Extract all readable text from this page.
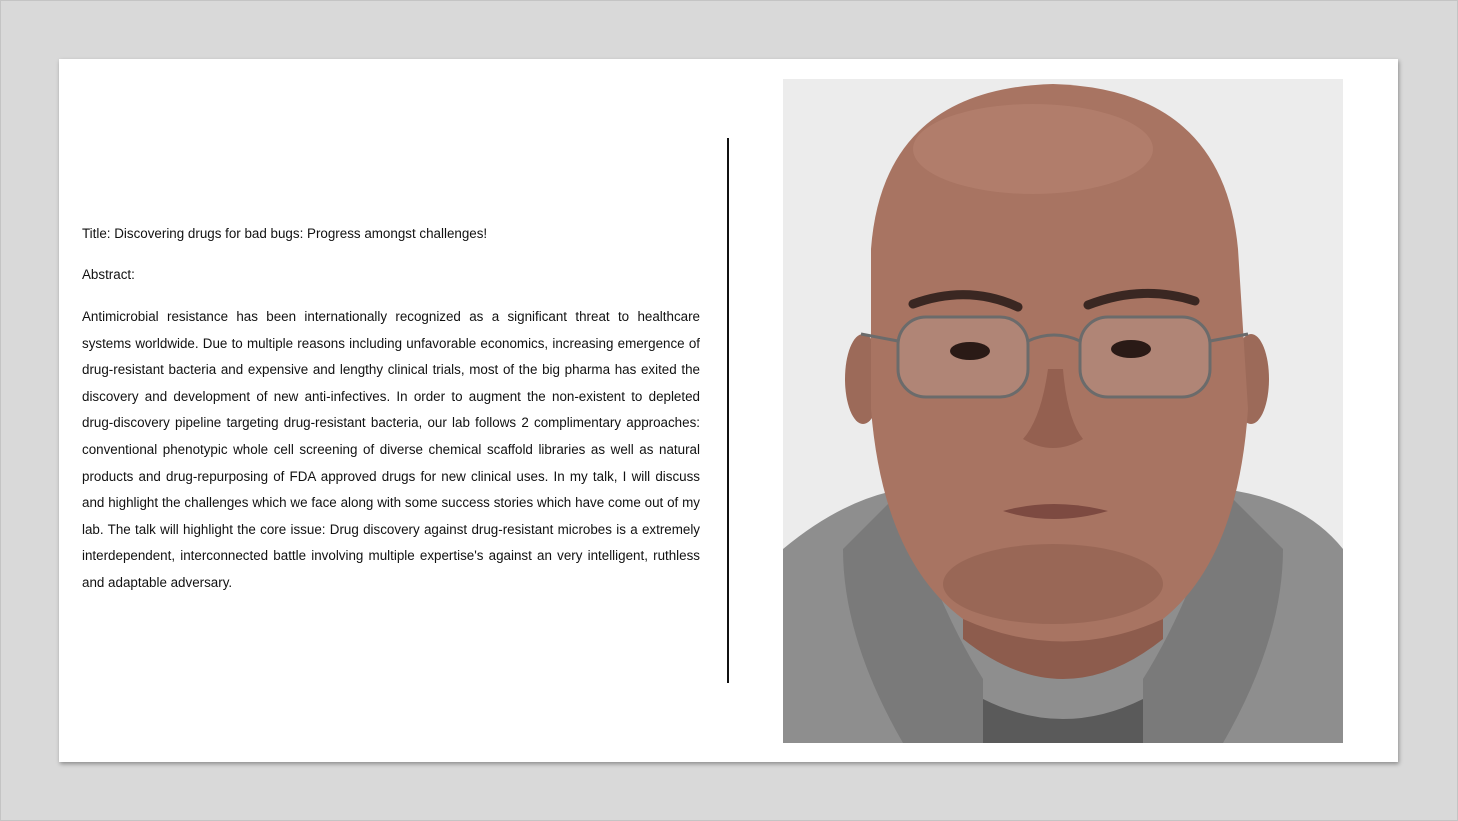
Title: Discovering drugs for bad bugs: Progress amongst challenges!

Abstract:

Antimicrobial resistance has been internationally recognized as a significant threat to healthcare systems worldwide. Due to multiple reasons including unfavorable economics, increasing emergence of drug-resistant bacteria and expensive and lengthy clinical trials, most of the big pharma has exited the discovery and development of new anti-infectives. In order to augment the non-existent to depleted drug-discovery pipeline targeting drug-resistant bacteria, our lab follows 2 complimentary approaches: conventional phenotypic whole cell screening of diverse chemical scaffold libraries as well as natural products and drug-repurposing of FDA approved drugs for new clinical uses. In my talk, I will discuss and highlight the challenges which we face along with some success stories which have come out of my lab. The talk will highlight the core issue: Drug discovery against drug-resistant microbes is a extremely interdependent, interconnected battle involving multiple expertise's against an very intelligent, ruthless and adaptable adversary.
